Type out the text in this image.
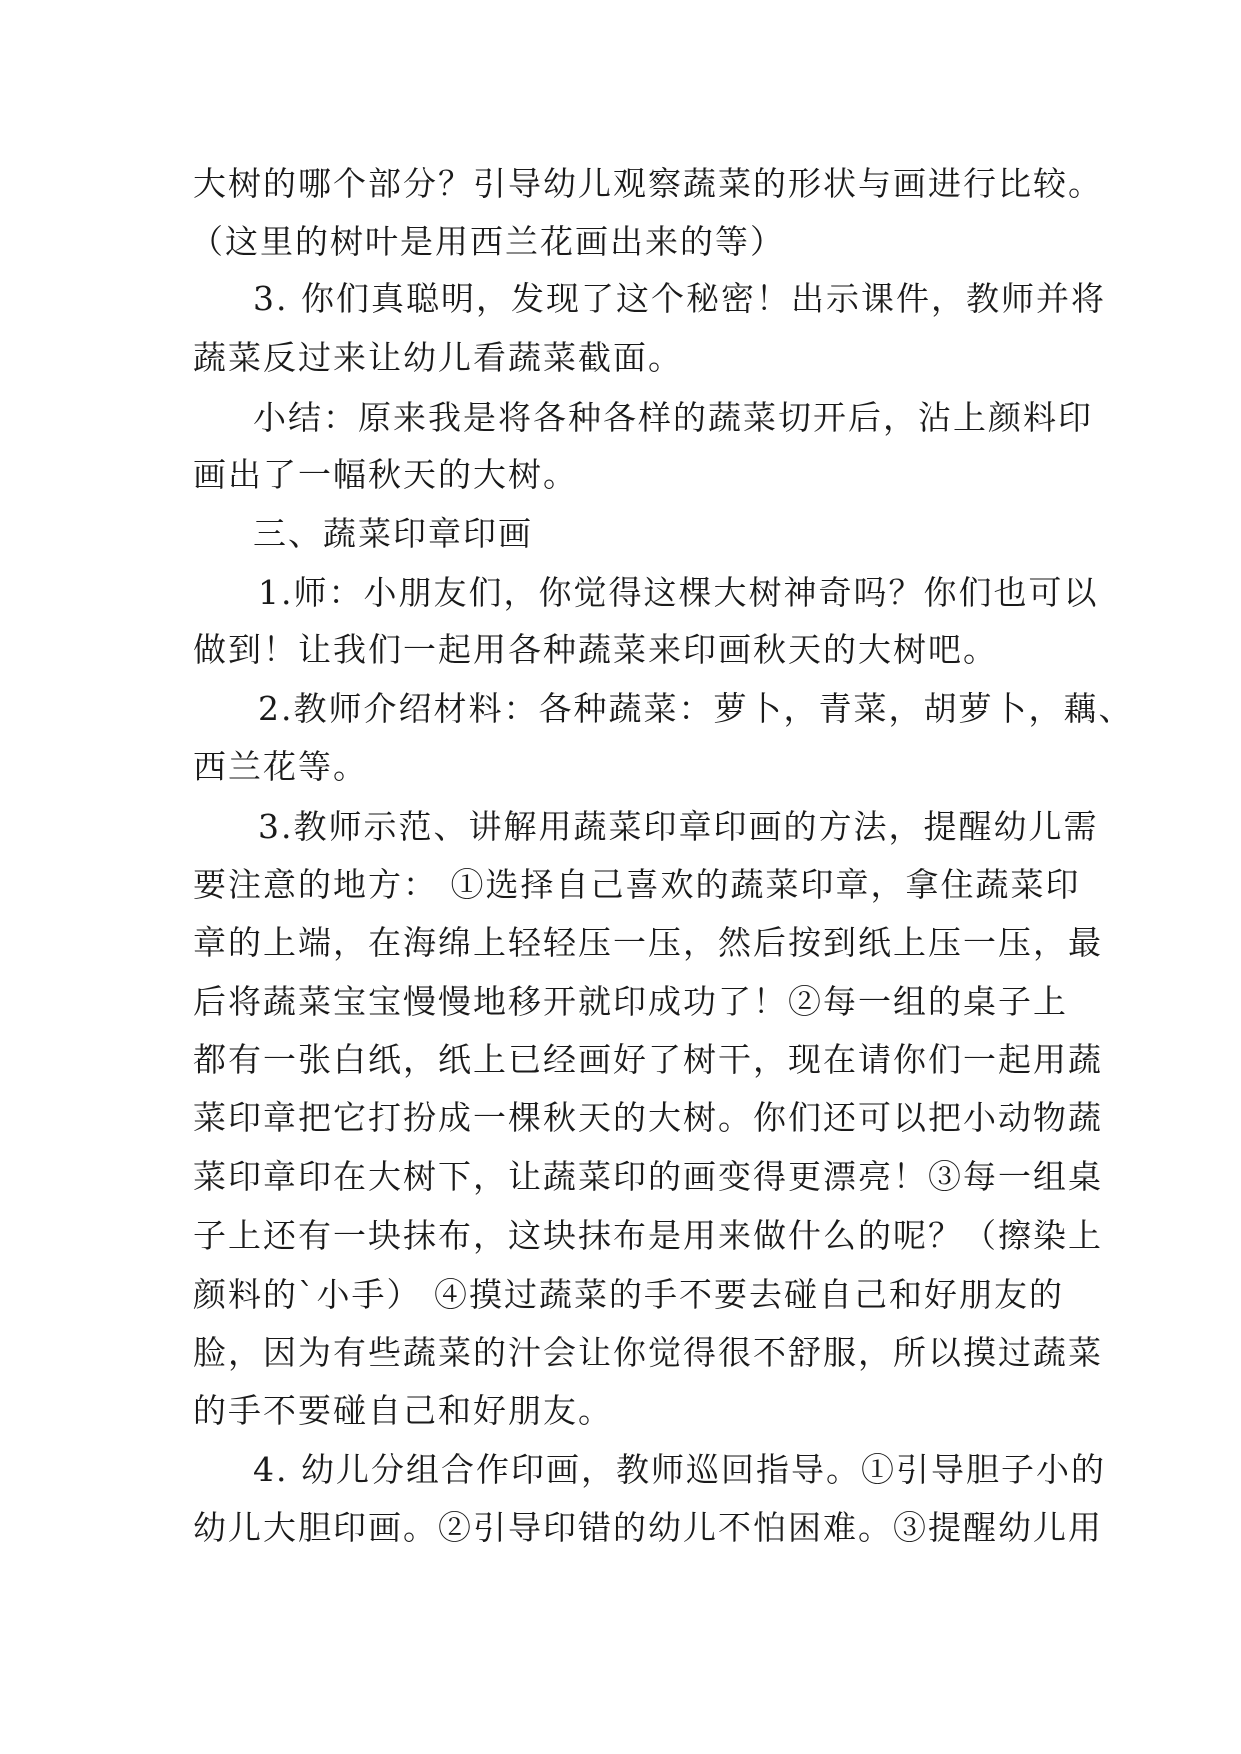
大树的哪个部分？引导幼儿观察蔬菜的形状与画进行比较。
（这里的树叶是用西兰花画出来的等）
3. 你们真聪明，发现了这个秘密！出示课件，教师并将
蔬菜反过来让幼儿看蔬菜截面。
小结：原来我是将各种各样的蔬菜切开后，沾上颜料印
画出了一幅秋天的大树。
三、蔬菜印章印画
1.师：小朋友们，你觉得这棵大树神奇吗？你们也可以
做到！让我们一起用各种蔬菜来印画秋天的大树吧。
2.教师介绍材料：各种蔬菜：萝卜，青菜，胡萝卜，藕、
西兰花等。
3.教师示范、讲解用蔬菜印章印画的方法，提醒幼儿需
要注意的地方： ①选择自己喜欢的蔬菜印章，拿住蔬菜印
章的上端，在海绵上轻轻压一压，然后按到纸上压一压，最
后将蔬菜宝宝慢慢地移开就印成功了！②每一组的桌子上
都有一张白纸，纸上已经画好了树干，现在请你们一起用蔬
菜印章把它打扮成一棵秋天的大树。你们还可以把小动物蔬
菜印章印在大树下，让蔬菜印的画变得更漂亮！③每一组桌
子上还有一块抹布，这块抹布是用来做什么的呢？（擦染上
颜料的`小手） ④摸过蔬菜的手不要去碰自己和好朋友的
脸，因为有些蔬菜的汁会让你觉得很不舒服，所以摸过蔬菜
的手不要碰自己和好朋友。
4. 幼儿分组合作印画，教师巡回指导。①引导胆子小的
幼儿大胆印画。②引导印错的幼儿不怕困难。③提醒幼儿用
